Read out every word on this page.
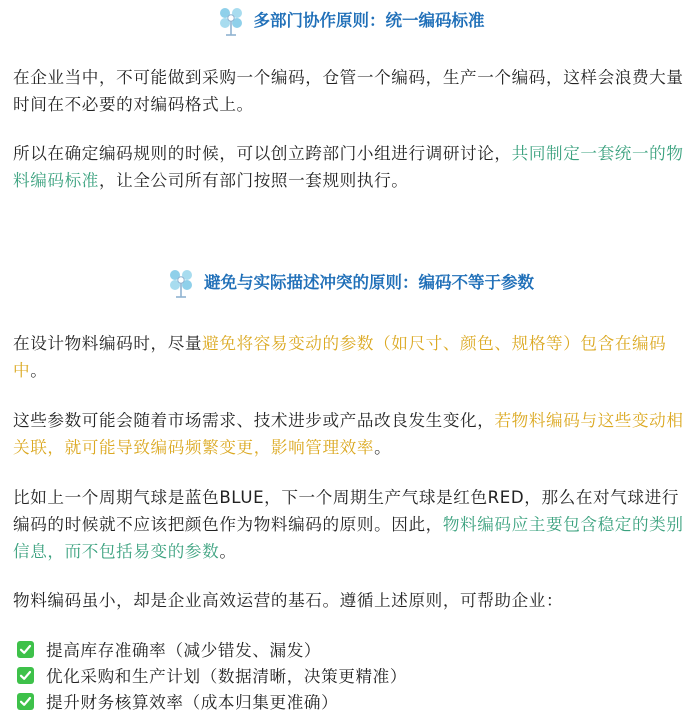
多部门协作原则：统一编码标准

在企业当中，不可能做到采购一个编码，仓管一个编码，生产一个编码，这样会浪费大量时间在不必要的对编码格式上。

所以在确定编码规则的时候，可以创立跨部门小组进行调研讨论，共同制定一套统一的物料编码标准，让全公司所有部门按照一套规则执行。

避免与实际描述冲突的原则：编码不等于参数

在设计物料编码时，尽量避免将容易变动的参数（如尺寸、颜色、规格等）包含在编码中。

这些参数可能会随着市场需求、技术进步或产品改良发生变化，若物料编码与这些变动相关联，就可能导致编码频繁变更，影响管理效率。

比如上一个周期气球是蓝色BLUE，下一个周期生产气球是红色RED，那么在对气球进行编码的时候就不应该把颜色作为物料编码的原则。因此，物料编码应主要包含稳定的类别信息，而不包括易变的参数。

物料编码虽小，却是企业高效运营的基石。遵循上述原则，可帮助企业：

提高库存准确率（减少错发、漏发）
优化采购和生产计划（数据清晰，决策更精准）
提升财务核算效率（成本归集更准确）
